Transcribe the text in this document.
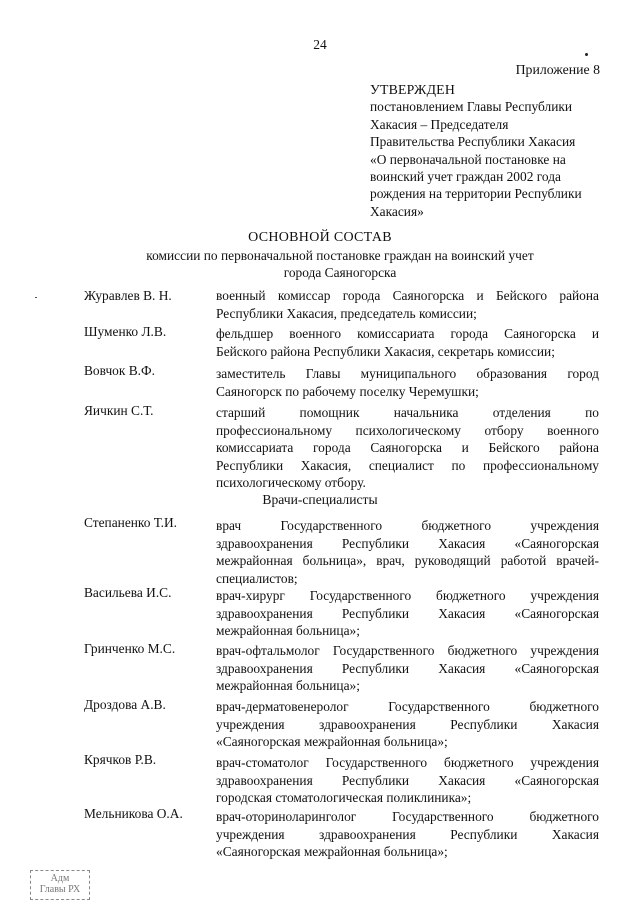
24
Приложение 8
УТВЕРЖДЕН
постановлением Главы Республики
Хакасия – Председателя
Правительства Республики Хакасия
«О первоначальной постановке на
воинский учет граждан 2002 года
рождения на территории Республики
Хакасия»
ОСНОВНОЙ СОСТАВ
комиссии по первоначальной постановке граждан на воинский учет
города Саяногорска
Журавлев В. Н.	военный комиссар города Саяногорска и Бейского района
Республики Хакасия, председатель комиссии;
Шуменко Л.В.	фельдшер военного комиссариата города Саяногорска и
Бейского района Республики Хакасия, секретарь комиссии;
Вовчок В.Ф.	заместитель Главы муниципального образования город
Саяногорск по рабочему поселку Черемушки;
Яичкин С.Т.	старший помощник начальника отделения по
профессиональному психологическому отбору военного
комиссариата города Саяногорска и Бейского района
Республики Хакасия, специалист по профессиональному
психологическому отбору.
Врачи-специалисты
Степаненко Т.И.	врач Государственного бюджетного учреждения
здравоохранения Республики Хакасия «Саяногорская
межрайонная больница», врач, руководящий работой врачей-
специалистов;
Васильева И.С.	врач-хирург Государственного бюджетного учреждения
здравоохранения Республики Хакасия «Саяногорская
межрайонная больница»;
Гринченко М.С.	врач-офтальмолог Государственного бюджетного учреждения
здравоохранения Республики Хакасия «Саяногорская
межрайонная больница»;
Дроздова А.В.	врач-дерматовенеролог Государственного бюджетного
учреждения здравоохранения Республики Хакасия
«Саяногорская межрайонная больница»;
Крячков Р.В.	врач-стоматолог Государственного бюджетного учреждения
здравоохранения Республики Хакасия «Саяногорская
городская стоматологическая поликлиника»;
Мельникова О.А.	врач-оториноларинголог Государственного бюджетного
учреждения здравоохранения Республики Хакасия
«Саяногорская межрайонная больница»;
Адм
Главы РХ
